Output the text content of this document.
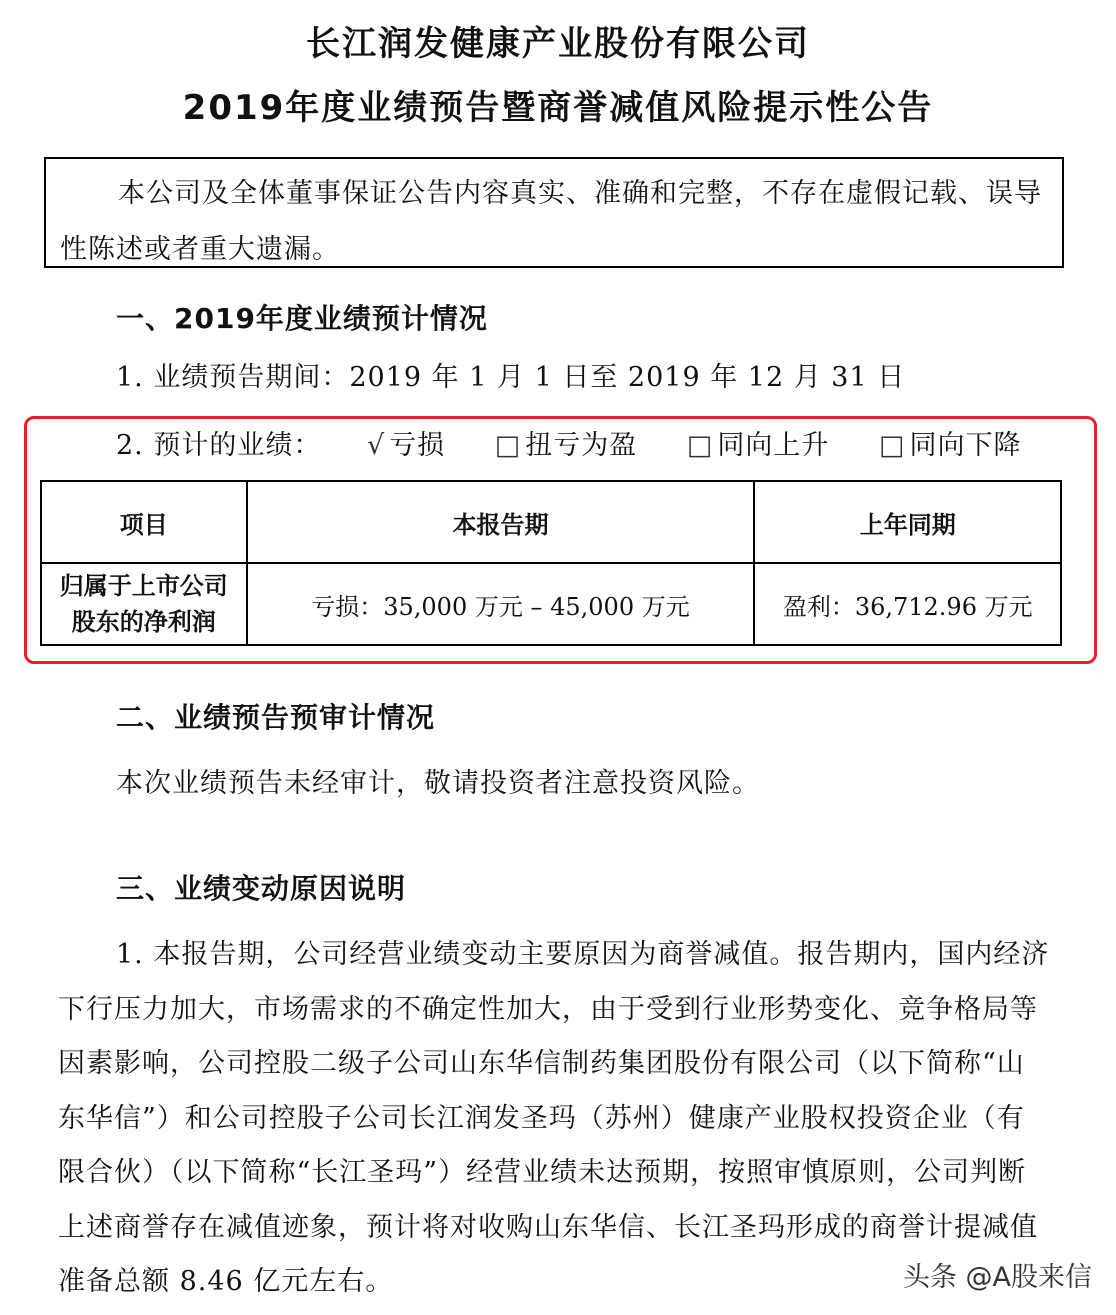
长江润发健康产业股份有限公司
2019年度业绩预告暨商誉减值风险提示性公告
本公司及全体董事保证公告内容真实、准确和完整，不存在虚假记载、误导
性陈述或者重大遗漏。
一、2019年度业绩预计情况
1. 业绩预告期间：2019 年 1 月 1 日至 2019 年 12 月 31 日
2. 预计的业绩： √ 亏损 □ 扭亏为盈 □ 同向上升 □ 同向下降
项目	本报告期	上年同期
归属于上市公司
股东的净利润	亏损：35,000 万元 – 45,000 万元	盈利：36,712.96 万元
二、业绩预告预审计情况
本次业绩预告未经审计，敬请投资者注意投资风险。
三、业绩变动原因说明
1. 本报告期，公司经营业绩变动主要原因为商誉减值。报告期内，国内经济
下行压力加大，市场需求的不确定性加大，由于受到行业形势变化、竞争格局等
因素影响，公司控股二级子公司山东华信制药集团股份有限公司（以下简称“山
东华信”）和公司控股子公司长江润发圣玛（苏州）健康产业股权投资企业（有
限合伙）（以下简称“长江圣玛”）经营业绩未达预期，按照审慎原则，公司判断
上述商誉存在减值迹象，预计将对收购山东华信、长江圣玛形成的商誉计提减值
准备总额 8.46 亿元左右。	头条 @A股来信
